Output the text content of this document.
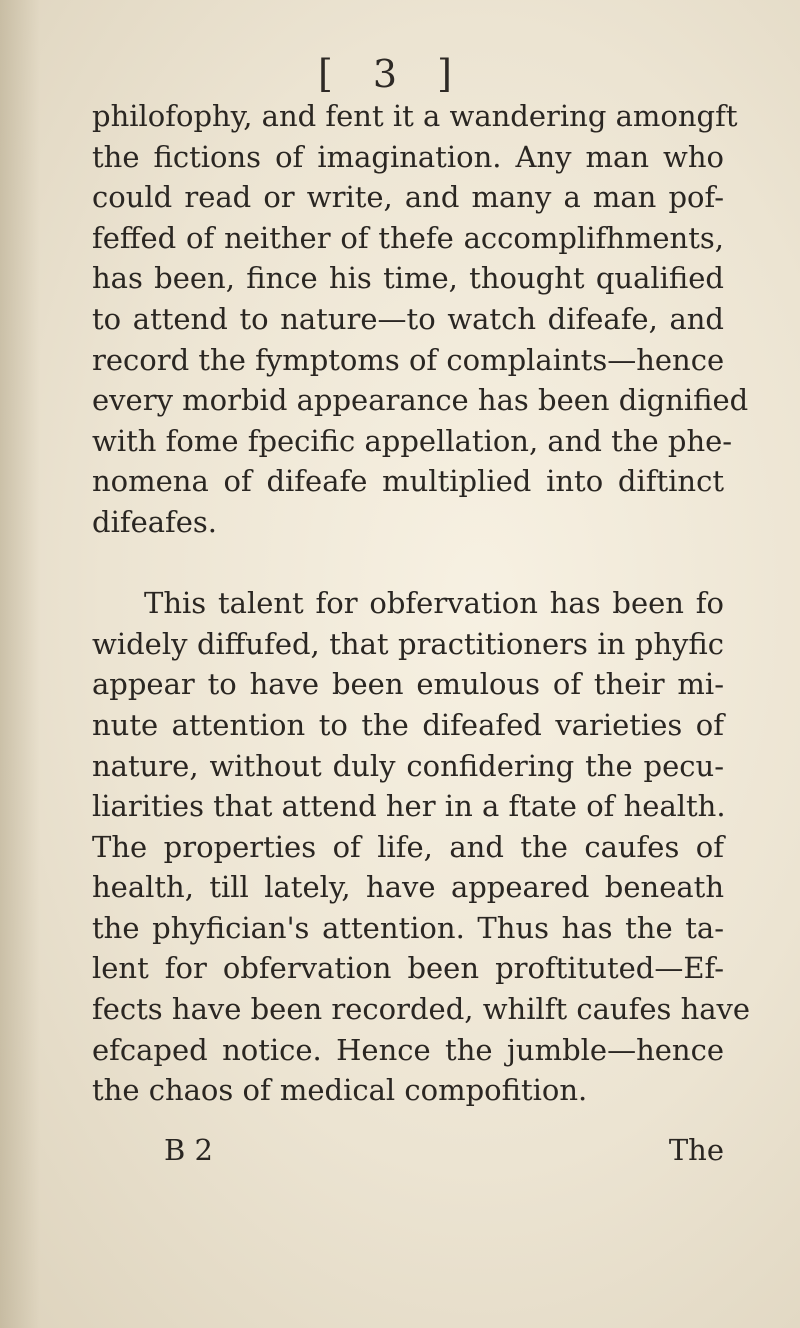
[ 3 ]
philofophy, and fent it a wandering amongft
the fictions of imagination. Any man who
could read or write, and many a man pof-
feffed of neither of thefe accomplifhments,
has been, fince his time, thought qualified
to attend to nature—to watch difeafe, and
record the fymptoms of complaints—hence
every morbid appearance has been dignified
with fome fpecific appellation, and the phe-
nomena of difeafe multiplied into diftinct
difeafes.
This talent for obfervation has been fo
widely diffufed, that practitioners in phyfic
appear to have been emulous of their mi-
nute attention to the difeafed varieties of
nature, without duly confidering the pecu-
liarities that attend her in a ftate of health.
The properties of life, and the caufes of
health, till lately, have appeared beneath
the phyfician's attention. Thus has the ta-
lent for obfervation been proftituted—Ef-
fects have been recorded, whilft caufes have
efcaped notice. Hence the jumble—hence
the chaos of medical compofition.
B 2	The
